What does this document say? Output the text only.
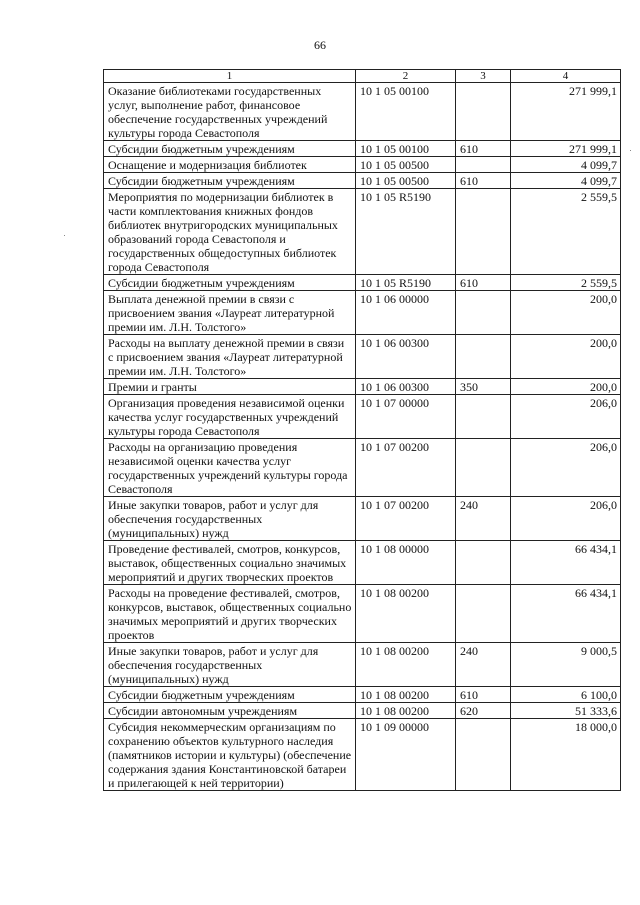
66
1	2	3	4
Оказание библиотеками государственных услуг, выполнение работ, финансовое обеспечение государственных учреждений культуры города Севастополя	10 1 05 00100		271 999,1
Субсидии бюджетным учреждениям	10 1 05 00100	610	271 999,1
Оснащение и модернизация библиотек	10 1 05 00500		4 099,7
Субсидии бюджетным учреждениям	10 1 05 00500	610	4 099,7
Мероприятия по модернизации библиотек в части комплектования книжных фондов библиотек внутригородских муниципальных образований города Севастополя и государственных общедоступных библиотек города Севастополя	10 1 05 R5190		2 559,5
Субсидии бюджетным учреждениям	10 1 05 R5190	610	2 559,5
Выплата денежной премии в связи с присвоением звания «Лауреат литературной премии им. Л.Н. Толстого»	10 1 06 00000		200,0
Расходы на выплату денежной премии в связи с присвоением звания «Лауреат литературной премии им. Л.Н. Толстого»	10 1 06 00300		200,0
Премии и гранты	10 1 06 00300	350	200,0
Организация проведения независимой оценки качества услуг государственных учреждений культуры города Севастополя	10 1 07 00000		206,0
Расходы на организацию проведения независимой оценки качества услуг государственных учреждений культуры города Севастополя	10 1 07 00200		206,0
Иные закупки товаров, работ и услуг для обеспечения государственных (муниципальных) нужд	10 1 07 00200	240	206,0
Проведение фестивалей, смотров, конкурсов, выставок, общественных социально значимых мероприятий и других творческих проектов	10 1 08 00000		66 434,1
Расходы на проведение фестивалей, смотров, конкурсов, выставок, общественных социально значимых мероприятий и других творческих проектов	10 1 08 00200		66 434,1
Иные закупки товаров, работ и услуг для обеспечения государственных (муниципальных) нужд	10 1 08 00200	240	9 000,5
Субсидии бюджетным учреждениям	10 1 08 00200	610	6 100,0
Субсидии автономным учреждениям	10 1 08 00200	620	51 333,6
Субсидия некоммерческим организациям по сохранению объектов культурного наследия (памятников истории и культуры) (обеспечение содержания здания Константиновской батареи и прилегающей к ней территории)	10 1 09 00000		18 000,0
